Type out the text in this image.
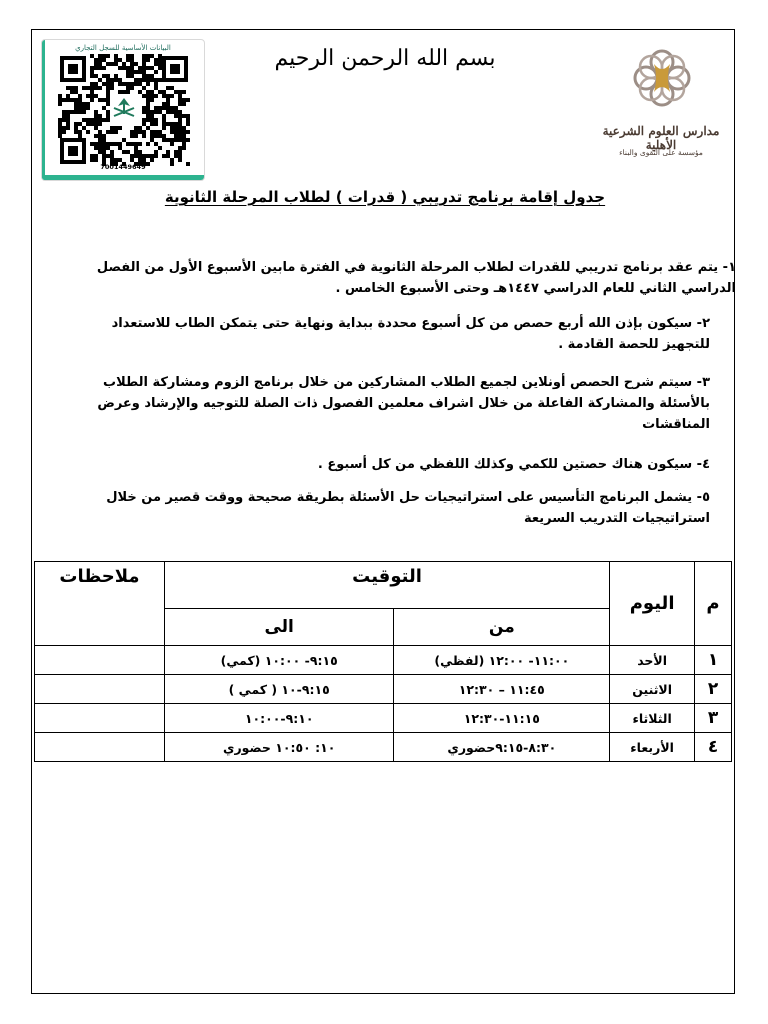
البيانات الأساسية للسجل التجاري
7001449649
بسم الله الرحمن الرحيم
مدارس العلوم الشرعية الأهلية
مؤسسة على التقوى والبناء
جدول إقامة برنامج تدريبي ( قدرات ) لطلاب المرحلة الثانوية
١- يتم عقد برنامج تدريبي للقدرات لطلاب المرحلة الثانوية في الفترة مابين الأسبوع الأول من الفصل الدراسي الثاني للعام الدراسي ١٤٤٧هـ وحتى الأسبوع الخامس .
٢- سيكون بإذن الله أربع حصص من كل أسبوع محددة ببداية ونهاية حتى يتمكن الطاب للاستعداد للتجهيز للحصة القادمة .
٣- سيتم شرح الحصص أونلاين لجميع الطلاب المشاركين من خلال برنامج الزوم ومشاركة الطلاب بالأسئلة والمشاركة الفاعلة من خلال اشراف معلمين الفصول ذات الصلة للتوجيه والإرشاد وعرض المناقشات
٤- سيكون هناك حصتين للكمي وكذلك اللفظي من كل أسبوع .
٥- يشمل البرنامج التأسيس على استراتيجيات حل الأسئلة بطريقة صحيحة ووقت قصير من خلال استراتيجيات التدريب السريعة
م	اليوم	التوقيت		ملاحظات
		من	الى	
١	الأحد	١١:٠٠- ١٢:٠٠ (لفظي)	٩:١٥- ١٠:٠٠ (كمي)	
٢	الاثنين	١١:٤٥ – ١٢:٣٠	٩:١٥-١٠ ( كمي )	
٣	الثلاثاء	١١:١٥-١٢:٣٠	٩:١٠-١٠:٠٠	
٤	الأربعاء	٨:٣٠-٩:١٥حضوري	١٠: ١٠:٥٠ حضوري	
